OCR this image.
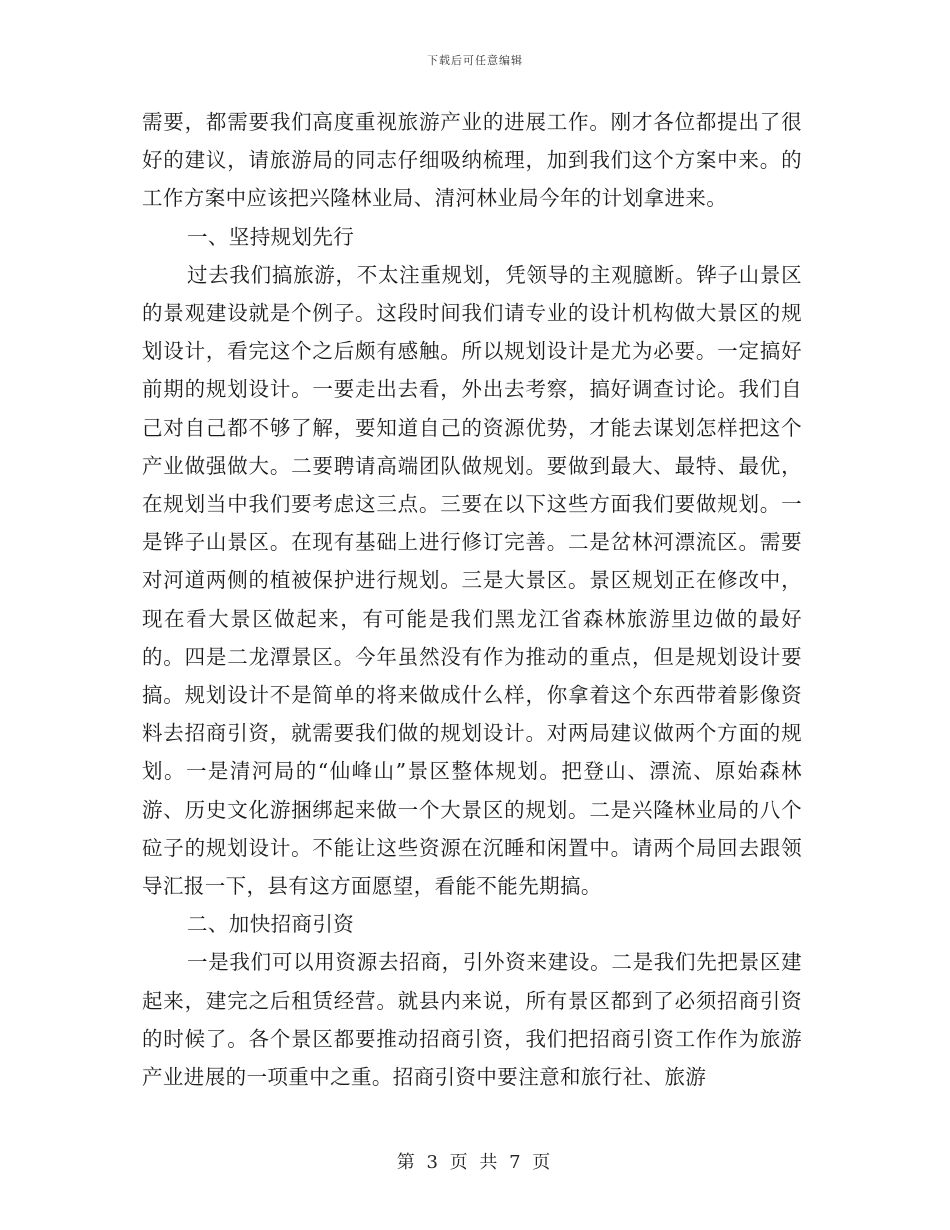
下载后可任意编辑

需要，都需要我们高度重视旅游产业的进展工作。刚才各位都提出了很好的建议，请旅游局的同志仔细吸纳梳理，加到我们这个方案中来。的工作方案中应该把兴隆林业局、清河林业局今年的计划拿进来。

一、坚持规划先行

过去我们搞旅游，不太注重规划，凭领导的主观臆断。铧子山景区的景观建设就是个例子。这段时间我们请专业的设计机构做大景区的规划设计，看完这个之后颇有感触。所以规划设计是尤为必要。一定搞好前期的规划设计。一要走出去看，外出去考察，搞好调查讨论。我们自己对自己都不够了解，要知道自己的资源优势，才能去谋划怎样把这个产业做强做大。二要聘请高端团队做规划。要做到最大、最特、最优，在规划当中我们要考虑这三点。三要在以下这些方面我们要做规划。一是铧子山景区。在现有基础上进行修订完善。二是岔林河漂流区。需要对河道两侧的植被保护进行规划。三是大景区。景区规划正在修改中，现在看大景区做起来，有可能是我们黑龙江省森林旅游里边做的最好的。四是二龙潭景区。今年虽然没有作为推动的重点，但是规划设计要搞。规划设计不是简单的将来做成什么样，你拿着这个东西带着影像资料去招商引资，就需要我们做的规划设计。对两局建议做两个方面的规划。一是清河局的“仙峰山”景区整体规划。把登山、漂流、原始森林游、历史文化游捆绑起来做一个大景区的规划。二是兴隆林业局的八个砬子的规划设计。不能让这些资源在沉睡和闲置中。请两个局回去跟领导汇报一下，县有这方面愿望，看能不能先期搞。

二、加快招商引资

一是我们可以用资源去招商，引外资来建设。二是我们先把景区建起来，建完之后租赁经营。就县内来说，所有景区都到了必须招商引资的时候了。各个景区都要推动招商引资，我们把招商引资工作作为旅游产业进展的一项重中之重。招商引资中要注意和旅行社、旅游

第 3 页 共 7 页
